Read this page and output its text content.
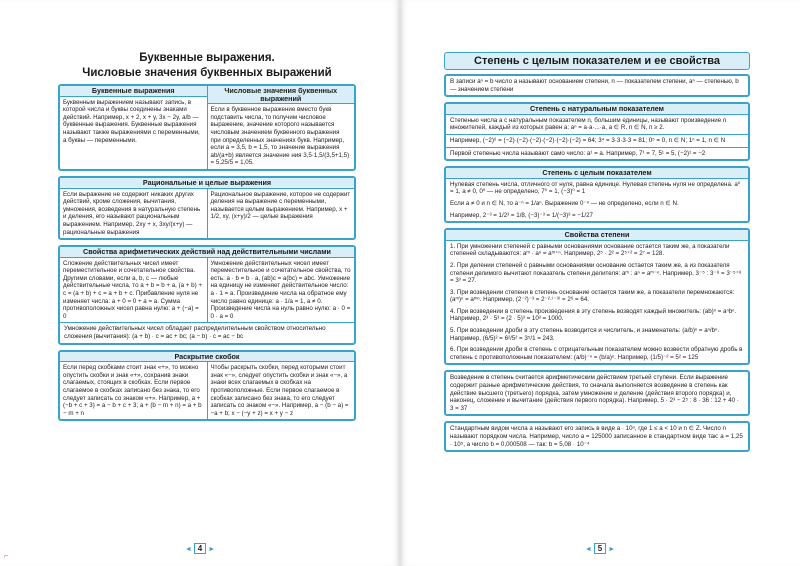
Буквенные выражения.
Числовые значения буквенных выражений
Буквенные выражения
Буквенным выражением называют запись, в которой числа и буквы соединены знаками действий. Например, x + 2, x + y, 3x − 2y, a/b — буквенные выражения. Буквенные выражения называют также выражениями с переменными, а буквы — переменными.
Числовые значения буквенных выражений
Если в буквенное выражение вместо букв подставить числа, то получим числовое выражение, значение которого называется числовым значением буквенного выражения при определенных значениях букв. Например, если a = 3,5, b = 1,5, то значение выражения ab/(a+b) является значение ния 3,5·1,5/(3,5+1,5) = 5,25/5 = 1,05.
Рациональные и целые выражения
Если выражение не содержит никаких других действий, кроме сложения, вычитания, умножения, возведения в натуральную степень и деления, его называют рациональным выражением. Например, 2xy + x, 3xy/(x+y) — рациональные выражения
Рациональное выражение, которое не содержит деления на выражение с переменными, называется целым выражением. Например, x + 1/2, xy, (x+y)/2 — целые выражения
Свойства арифметических действий над действительными числами
Сложение действительных чисел имеет переместительное и сочетательное свойства. Другими словами, если a, b, c — любые действительные числа, то a + b = b + a, (a + b) + c = (a + b) + c = a + b + c. Прибавление нуля не изменяет числа: a + 0 = 0 + a = a. Сумма противоположных чисел равна нулю: a + (−a) = 0
Умножение действительных чисел имеет переместительное и сочетательное свойства, то есть: a · b = b · a, (ab)c = a(bc) = abc. Умножение на единицу не изменяет действительное число: a · 1 = a. Произведение числа на обратное ему число равно единице: a · 1/a = 1, a ≠ 0. Произведение числа на нуль равно нулю: a · 0 = 0 · a = 0
Умножение действительных чисел обладает распределительным свойством относительно сложения (вычитания): (a + b) · c = ac + bc; (a − b) · c = ac − bc
Раскрытие скобок
Если перед скобками стоит знак «+», то можно опустить скобки и знак «+», сохранив знаки слагаемых, стоящих в скобках. Если первое слагаемое в скобках записано без знака, то его следует записать со знаком «+». Например, a + (−b + c + 3) = a − b + c + 3; a + (b − m + n) = a + b − m + n
Чтобы раскрыть скобки, перед которыми стоит знак «−», следует опустить скобки и знак «−», а знаки всех слагаемых в скобках на противоположные. Если первое слагаемое в скобках записано без знака, то его следует записать со знаком «−». Например, a − (b − a) = −a + b; x − (−y + z) = x + y − z
◄ 4 ►
Степень с целым показателем и ее свойства
В записи aⁿ = b число a называют основанием степени, n — показателем степени, aⁿ — степенью, b — значением степени
Степень с натуральным показателем
Степенью числа a с натуральным показателем n, большим единицы, называют произведение n множителей, каждый из которых равен a: aⁿ = a·a·...·a, a ∈ R, n ∈ N, n ≥ 2.
Например, (−2)⁶ = (−2)·(−2)·(−2)·(−2)·(−2)·(−2) = 64; 3⁴ = 3·3·3·3 = 81; 0⁵ = 0, n ∈ N; 1ⁿ = 1, n ∈ N
Первой степенью числа называют само число: a¹ = a. Например, 7¹ = 7, 5¹ = 5, (−2)¹ = −2
Степень с целым показателем
Нулевая степень числа, отличного от нуля, равна единице. Нулевая степень нуля не определена. a⁰ = 1, a ≠ 0, 0⁰ — не определено, 7⁰ = 1, (−3)⁰ = 1
Если a ≠ 0 и n ∈ N, то a⁻ⁿ = 1/aⁿ. Выражение 0⁻ⁿ — не определено, если n ∈ N.
Например, 2⁻³ = 1/2³ = 1/8, (−3)⁻³ = 1/(−3)³ = −1/27
Свойства степени
1. При умножении степеней с равными основаниями основание остается таким же, а показатели степеней складываются: aᵐ · aⁿ = aᵐ⁺ⁿ. Например, 2⁵ · 2² = 2⁵⁺² = 2⁷ = 128.
2. При делении степеней с равными основаниями основание остается таким же, а из показателя степени делимого вычитают показатель степени делителя: aᵐ : aⁿ = aᵐ⁻ⁿ. Например, 3⁻⁵ : 3⁻⁸ = 3⁻⁵⁺⁸ = 3³ = 27.
3. При возведении степени в степень основание остается таким же, а показатели перемножаются: (aᵐ)ⁿ = aᵐⁿ. Например, (2⁻²)⁻³ = 2⁻²·⁽⁻³⁾ = 2⁶ = 64.
4. При возведении в степень произведения в эту степень возводят каждый множитель: (ab)ⁿ = aⁿbⁿ. Например, 2³ · 5³ = (2 · 5)³ = 10³ = 1000.
5. При возведении дроби в эту степень возводится и числитель, и знаменатель: (a/b)ⁿ = aⁿ/bⁿ. Например, (6/5)² = 6²/5² = 3⁵/1 = 243.
6. При возведении дроби в степень с отрицательным показателем можно возвести обратную дробь в степень с противоположным показателем: (a/b)⁻ⁿ = (b/a)ⁿ. Например, (1/5)⁻² = 5² = 125
Возведение в степень считается арифметическим действием третьей ступени. Если выражение содержит разные арифметические действия, то сначала выполняется возведение в степень как действие высшего (третьего) порядка, затем умножение и деление (действия второго порядка) и, наконец, сложение и вычитание (действия первого порядка). Например, 5 · 2³ − 2⁵ : 8 · 36 : 12 + 40 · 3 = 37
Стандартным видом числа a называют его запись в виде a · 10ⁿ, где 1 ≤ a < 10 и n ∈ Z. Число n называют порядком числа. Например, число a = 125000 записанное в стандартном виде так: a = 1,25 · 10⁵, а число b = 0,000508 — так: b = 5,08 · 10⁻⁴
◄ 5 ►
⌐
